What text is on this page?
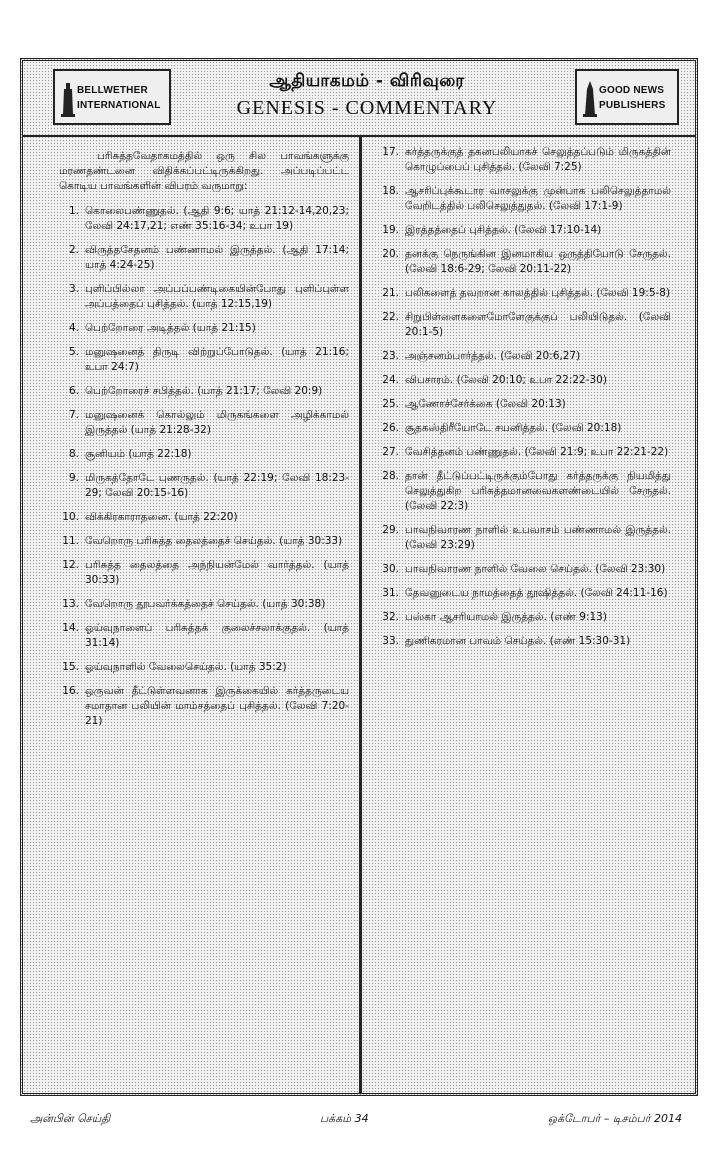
BELLWETHER
INTERNATIONAL
ஆதியாகமம் - விரிவுரை
GENESIS - COMMENTARY
GOOD NEWS
PUBLISHERS

பரிசுத்தவேதாகமத்தில் ஒரு சில பாவங்களுக்கு மரணதண்டனை விதிக்கப்பட்டிருக்கிறது. அப்படிப்பட்ட கொடிய பாவங்களின் விபரம் வருமாறு:

1. கொலைபண்ணுதல். (ஆதி 9:6; யாத் 21:12-14,20,23; லேவி 24:17,21; எண் 35:16-34; உபா 19)
2. விருத்தசேதனம் பண்ணாமல் இருத்தல். (ஆதி 17:14; யாத் 4:24-25)
3. புளிப்பில்லா அப்பப்பண்டிகையின்போது புளிப்புள்ள அப்பத்தைப் புசித்தல். (யாத் 12:15,19)
4. பெற்றோரை அடித்தல் (யாத் 21:15)
5. மனுஷனைத் திருடி விற்றுப்போடுதல். (யாத் 21:16; உபா 24:7)
6. பெற்றோரைச் சபித்தல். (யாத் 21:17; லேவி 20:9)
7. மனுஷனைக் கொல்லும் மிருகங்களை அழிக்காமல் இருத்தல் (யாத் 21:28-32)
8. சூனியம் (யாத் 22:18)
9. மிருகத்தோடே புணருதல். (யாத் 22:19; லேவி 18:23-29; லேவி 20:15-16)
10. விக்கிரகாராதனை. (யாத் 22:20)
11. வேறொரு பரிசுத்த தைலத்தைச் செய்தல். (யாத் 30:33)
12. பரிசுத்த தைலத்தை அந்நியன்மேல் வார்த்தல். (யாத் 30:33)
13. வேறொரு தூபவர்க்கத்தைச் செய்தல். (யாத் 30:38)
14. ஓய்வுநாளைப் பரிசுத்தக் குலைச்சலாக்குதல். (யாத் 31:14)
15. ஓய்வுநாளில் வேலைசெய்தல். (யாத் 35:2)
16. ஒருவன் தீட்டுள்ளவனாக இருக்கையில் கர்த்தருடைய சமாதான பலியின் மாம்சத்தைப் புசித்தல். (லேவி 7:20-21)
17. கர்த்தருக்குத் தகனபலியாகச் செலுத்தப்படும் மிருகத்தின் கொழுப்பைப் புசித்தல். (லேவி 7:25)
18. ஆசரிப்புக்கூடார வாசலுக்கு முன்பாக பலிசெலுத்தாமல் வேறிடத்தில் பலிசெலுத்துதல். (லேவி 17:1-9)
19. இரத்தத்தைப் புசித்தல். (லேவி 17:10-14)
20. தனக்கு நெருங்கின இனமாகிய ஒருத்தியோடு சேருதல். (லேவி 18:6-29; லேவி 20:11-22)
21. பலிகளைத் தவறான காலத்தில் புசித்தல். (லேவி 19:5-8)
22. சிறுபிள்ளைகளைமோளேகுக்குப் பலியிடுதல். (லேவி 20:1-5)
23. அஞ்சனம்பார்த்தல். (லேவி 20:6,27)
24. விபசாரம். (லேவி 20:10; உபா 22:22-30)
25. ஆணோச்சேர்க்கை (லேவி 20:13)
26. சூதகஸ்திரீயோடே சயனித்தல். (லேவி 20:18)
27. வேசித்தனம் பண்ணுதல். (லேவி 21:9; உபா 22:21-22)
28. தான் தீட்டுப்பட்டிருக்கும்போது கர்த்தருக்கு நியமித்து செலுத்துகிற பரிசுத்தமானவைகளண்டையில் சேருதல். (லேவி 22:3)
29. பாவநிவாரண நாளில் உபவாசம் பண்ணாமல் இருத்தல். (லேவி 23:29)
30. பாவநிவாரண நாளில் வேலை செய்தல். (லேவி 23:30)
31. தேவனுடைய நாமத்தைத் தூஷித்தல். (லேவி 24:11-16)
32. பஸ்கா ஆசரியாமல் இருத்தல். (எண் 9:13)
33. துணிகரமான பாவம் செய்தல். (எண் 15:30-31)
அன்பின் செய்தி	பக்கம் 34	ஒக்டோபர் – டிசம்பர் 2014
